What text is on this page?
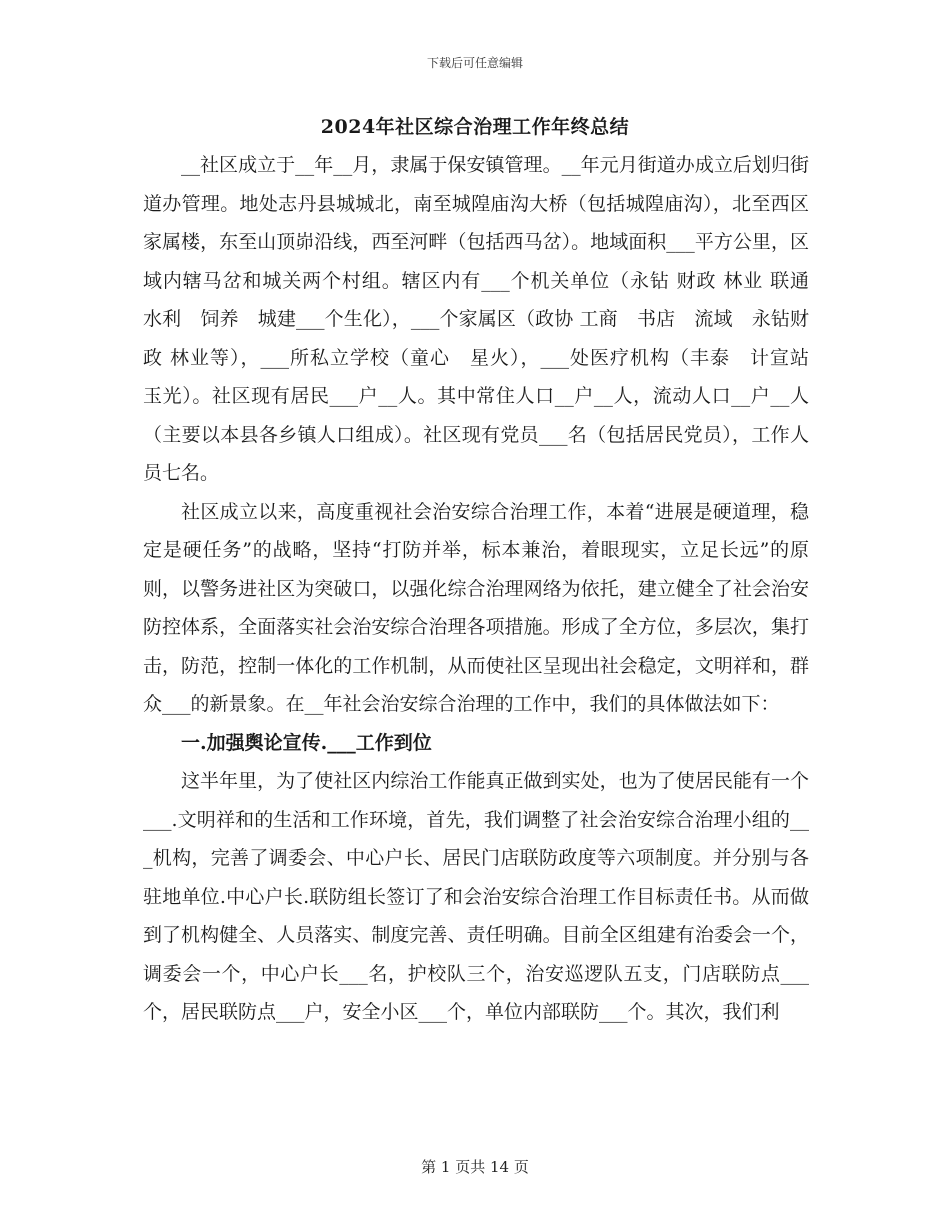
下载后可任意编辑
2024年社区综合治理工作年终总结

__社区成立于__年__月，隶属于保安镇管理。__年元月街道办成立后划归街道办管理。地处志丹县城城北，南至城隍庙沟大桥（包括城隍庙沟），北至西区家属楼，东至山顶峁沿线，西至河畔（包括西马岔）。地域面积___平方公里，区域内辖马岔和城关两个村组。辖区内有___个机关单位（永钻 财政 林业 联通　水利　饲养　城建___个生化），___个家属区（政协 工商　书店　流域　永钻财政 林业等），___所私立学校（童心　星火），___处医疗机构（丰泰　计宣站　玉光）。社区现有居民___户__人。其中常住人口__户__人，流动人口__户__人（主要以本县各乡镇人口组成）。社区现有党员___名（包括居民党员），工作人员七名。

社区成立以来，高度重视社会治安综合治理工作，本着“进展是硬道理，稳定是硬任务”的战略，坚持“打防并举，标本兼治，着眼现实，立足长远”的原则，以警务进社区为突破口，以强化综合治理网络为依托，建立健全了社会治安防控体系，全面落实社会治安综合治理各项措施。形成了全方位，多层次，集打击，防范，控制一体化的工作机制，从而使社区呈现出社会稳定，文明祥和，群众___的新景象。在__年社会治安综合治理的工作中，我们的具体做法如下：

一.加强舆论宣传.___工作到位

这半年里，为了使社区内综治工作能真正做到实处，也为了使居民能有一个___.文明祥和的生活和工作环境，首先，我们调整了社会治安综合治理小组的___机构，完善了调委会、中心户长、居民门店联防政度等六项制度。并分别与各驻地单位.中心户长.联防组长签订了和会治安综合治理工作目标责任书。从而做到了机构健全、人员落实、制度完善、责任明确。目前全区组建有治委会一个，调委会一个，中心户长___名，护校队三个，治安巡逻队五支，门店联防点___个，居民联防点___户，安全小区___个，单位内部联防___个。其次，我们利

第 1 页共 14 页
